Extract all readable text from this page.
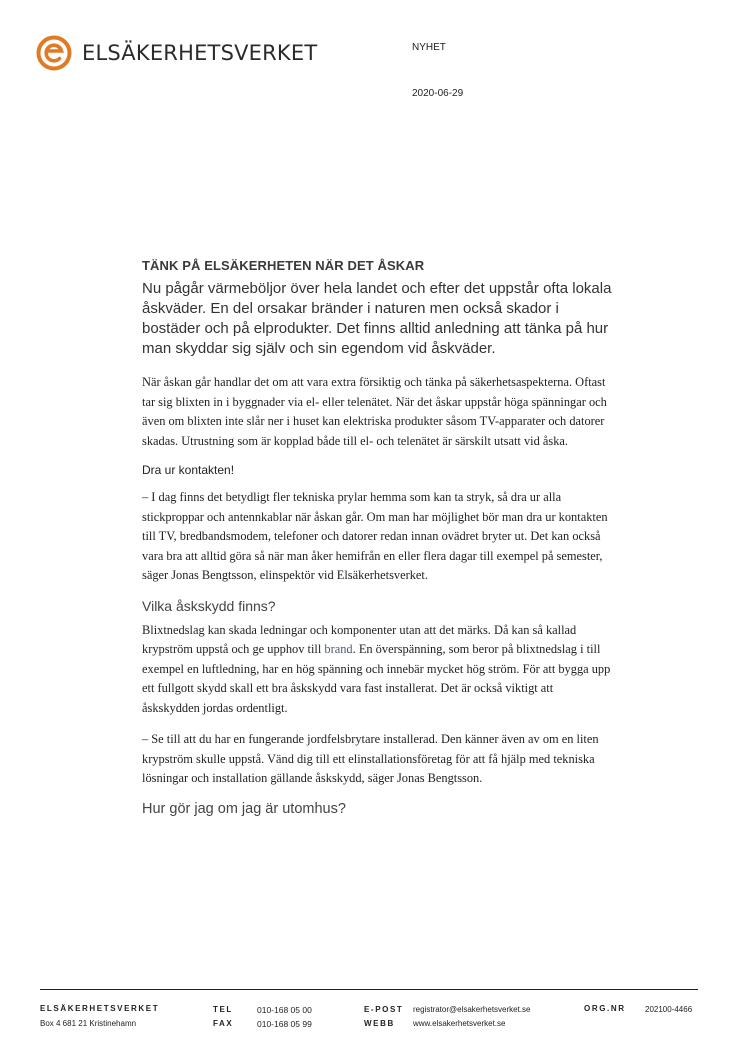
ELSÄKERHETSVERKET	NYHET
2020-06-29
TÄNK PÅ ELSÄKERHETEN NÄR DET ÅSKAR
Nu pågår värmeböljor över hela landet och efter det uppstår ofta lokala åskväder. En del orsakar bränder i naturen men också skador i bostäder och på elprodukter. Det finns alltid anledning att tänka på hur man skyddar sig själv och sin egendom vid åskväder.
När åskan går handlar det om att vara extra försiktig och tänka på säkerhetsaspekterna. Oftast tar sig blixten in i byggnader via el- eller telenätet. När det åskar uppstår höga spänningar och även om blixten inte slår ner i huset kan elektriska produkter såsom TV-apparater och datorer skadas. Utrustning som är kopplad både till el- och telenätet är särskilt utsatt vid åska.
Dra ur kontakten!
– I dag finns det betydligt fler tekniska prylar hemma som kan ta stryk, så dra ur alla stickproppar och antennkablar när åskan går. Om man har möjlighet bör man dra ur kontakten till TV, bredbandsmodem, telefoner och datorer redan innan ovädret bryter ut. Det kan också vara bra att alltid göra så när man åker hemifrån en eller flera dagar till exempel på semester, säger Jonas Bengtsson, elinspektör vid Elsäkerhetsverket.
Vilka åskskydd finns?
Blixtnedslag kan skada ledningar och komponenter utan att det märks. Då kan så kallad krypström uppstå och ge upphov till brand. En överspänning, som beror på blixtnedslag i till exempel en luftledning, har en hög spänning och innebär mycket hög ström. För att bygga upp ett fullgott skydd skall ett bra åskskydd vara fast installerat. Det är också viktigt att åskskydden jordas ordentligt.
– Se till att du har en fungerande jordfelsbrytare installerad. Den känner även av om en liten krypström skulle uppstå. Vänd dig till ett elinstallationsföretag för att få hjälp med tekniska lösningar och installation gällande åskskydd, säger Jonas Bengtsson.
Hur gör jag om jag är utomhus?
ELSÄKERHETSVERKET
Box 4 681 21 Kristinehamn
TEL	010-168 05 00
FAX	010-168 05 99
E-POST registrator@elsakerhetsverket.se
WEBB www.elsakerhetsverket.se
ORG.NR 202100-4466
